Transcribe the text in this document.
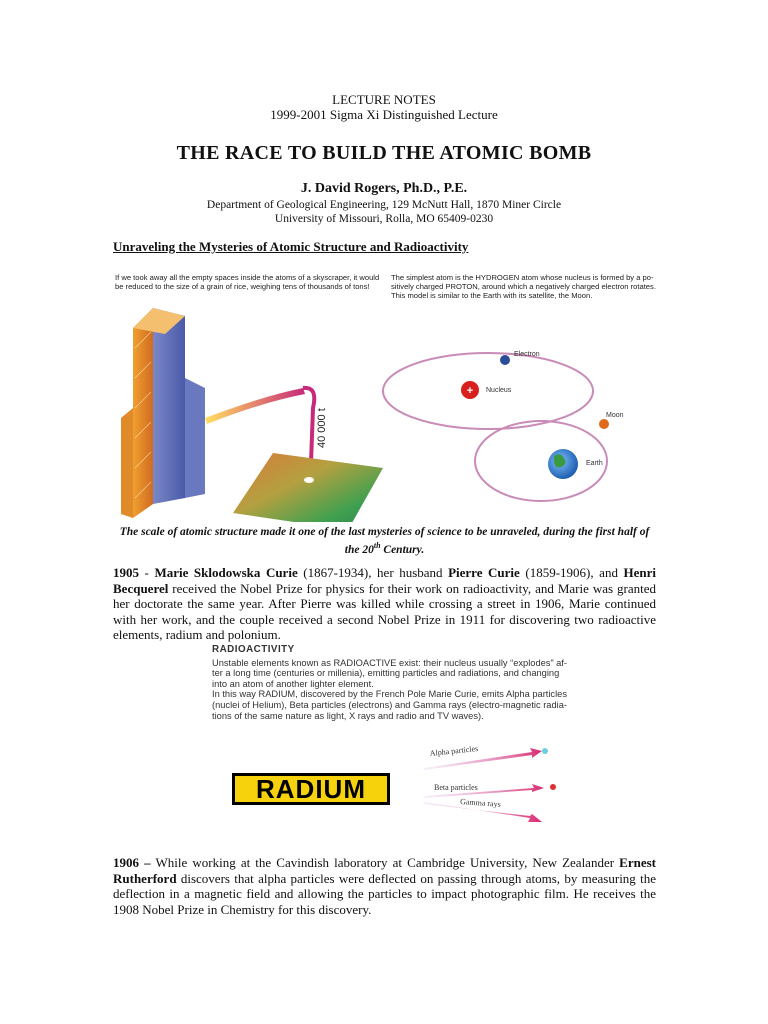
LECTURE NOTES
1999-2001 Sigma Xi Distinguished Lecture
THE RACE TO BUILD THE ATOMIC BOMB
J. David Rogers, Ph.D., P.E.
Department of Geological Engineering, 129 McNutt Hall, 1870 Miner Circle
University of Missouri, Rolla, MO 65409-0230
Unraveling the Mysteries of Atomic Structure and Radioactivity
If we took away all the empty spaces inside the atoms of a skyscraper, it would
be reduced to the size of a grain of rice, weighing tens of thousands of tons!
The simplest atom is the HYDROGEN atom whose nucleus is formed by a po-
sitively charged PROTON, around which a negatively charged electron rotates.
This model is similar to the Earth with its satellite, the Moon.
40 000 t
+ Nucleus
Electron
Earth
Moon
The scale of atomic structure made it one of the last mysteries of science to be unraveled, during the first half of the 20th Century.
1905 - Marie Sklodowska Curie (1867-1934), her husband Pierre Curie (1859-1906), and Henri Becquerel received the Nobel Prize for physics for their work on radioactivity, and Marie was granted her doctorate the same year. After Pierre was killed while crossing a street in 1906, Marie continued with her work, and the couple received a second Nobel Prize in 1911 for discovering two radioactive elements, radium and polonium.
RADIOACTIVITY
Unstable elements known as RADIOACTIVE exist: their nucleus usually “explodes” af-
ter a long time (centuries or millenia), emitting particles and radiations, and changing
into an atom of another lighter element.
In this way RADIUM, discovered by the French Pole Marie Curie, emits Alpha particles
(nuclei of Helium), Beta particles (electrons) and Gamma rays (electro-magnetic radia-
tions of the same nature as light, X rays and radio and TV waves).
RADIUM
Alpha particles
Beta particles
Gamma rays
1906 – While working at the Cavindish laboratory at Cambridge University, New Zealander Ernest Rutherford discovers that alpha particles were deflected on passing through atoms, by measuring the deflection in a magnetic field and allowing the particles to impact photographic film. He receives the 1908 Nobel Prize in Chemistry for this discovery.
